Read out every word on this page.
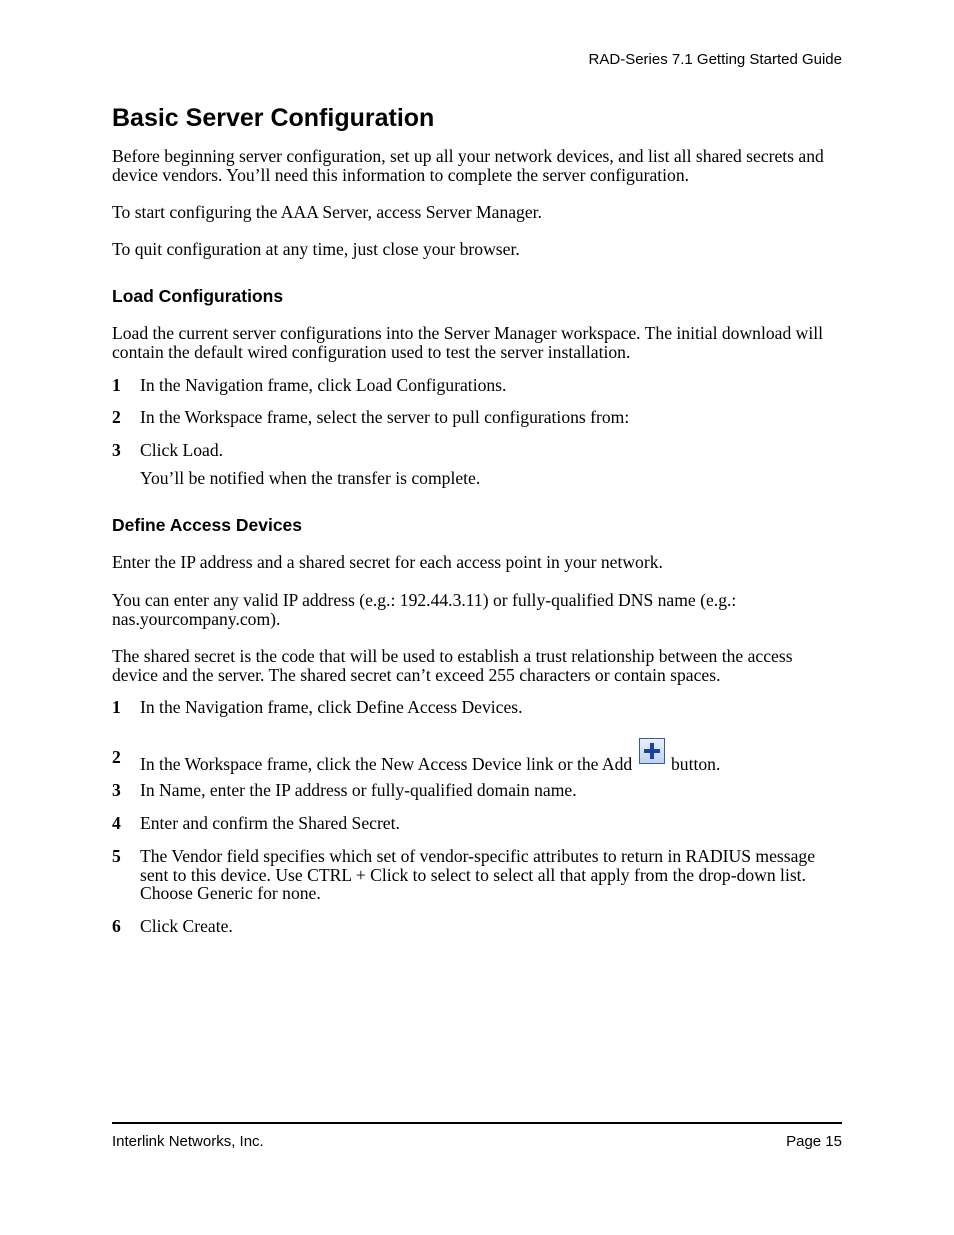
RAD-Series 7.1 Getting Started Guide
Basic Server Configuration
Before beginning server configuration, set up all your network devices, and list all shared secrets and device vendors. You’ll need this information to complete the server configuration.
To start configuring the AAA Server, access Server Manager.
To quit configuration at any time, just close your browser.
Load Configurations
Load the current server configurations into the Server Manager workspace. The initial download will contain the default wired configuration used to test the server installation.
1 In the Navigation frame, click Load Configurations.
2 In the Workspace frame, select the server to pull configurations from:
3 Click Load.
You’ll be notified when the transfer is complete.
Define Access Devices
Enter the IP address and a shared secret for each access point in your network.
You can enter any valid IP address (e.g.: 192.44.3.11) or fully-qualified DNS name (e.g.: nas.yourcompany.com).
The shared secret is the code that will be used to establish a trust relationship between the access device and the server. The shared secret can’t exceed 255 characters or contain spaces.
1 In the Navigation frame, click Define Access Devices.
2 In the Workspace frame, click the New Access Device link or the Add button.
3 In Name, enter the IP address or fully-qualified domain name.
4 Enter and confirm the Shared Secret.
5 The Vendor field specifies which set of vendor-specific attributes to return in RADIUS message sent to this device. Use CTRL + Click to select to select all that apply from the drop-down list. Choose Generic for none.
6 Click Create.
Interlink Networks, Inc.	Page 15
